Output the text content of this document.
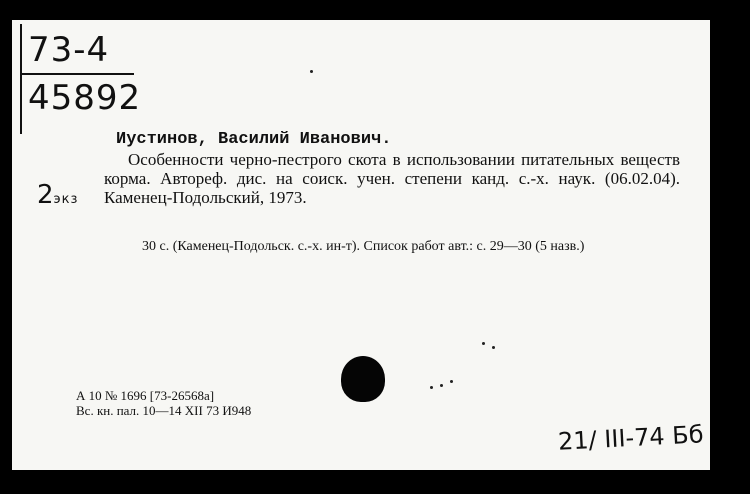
73-4
45892
2экз
Иустинов, Василий Иванович.
Особенности черно-пестрого скота в использовании питательных веществ корма. Автореф. дис. на соиск. учен. степени канд. с.-х. наук. (06.02.04). Каменец-Подольский, 1973.
30 с. (Каменец-Подольск. с.-х. ин-т). Список работ авт.: с. 29—30 (5 назв.)
А 10 № 1696 [73-26568а]
Вс. кн. пал. 10—14 XII 73 И948
21/ III-74 Бб
